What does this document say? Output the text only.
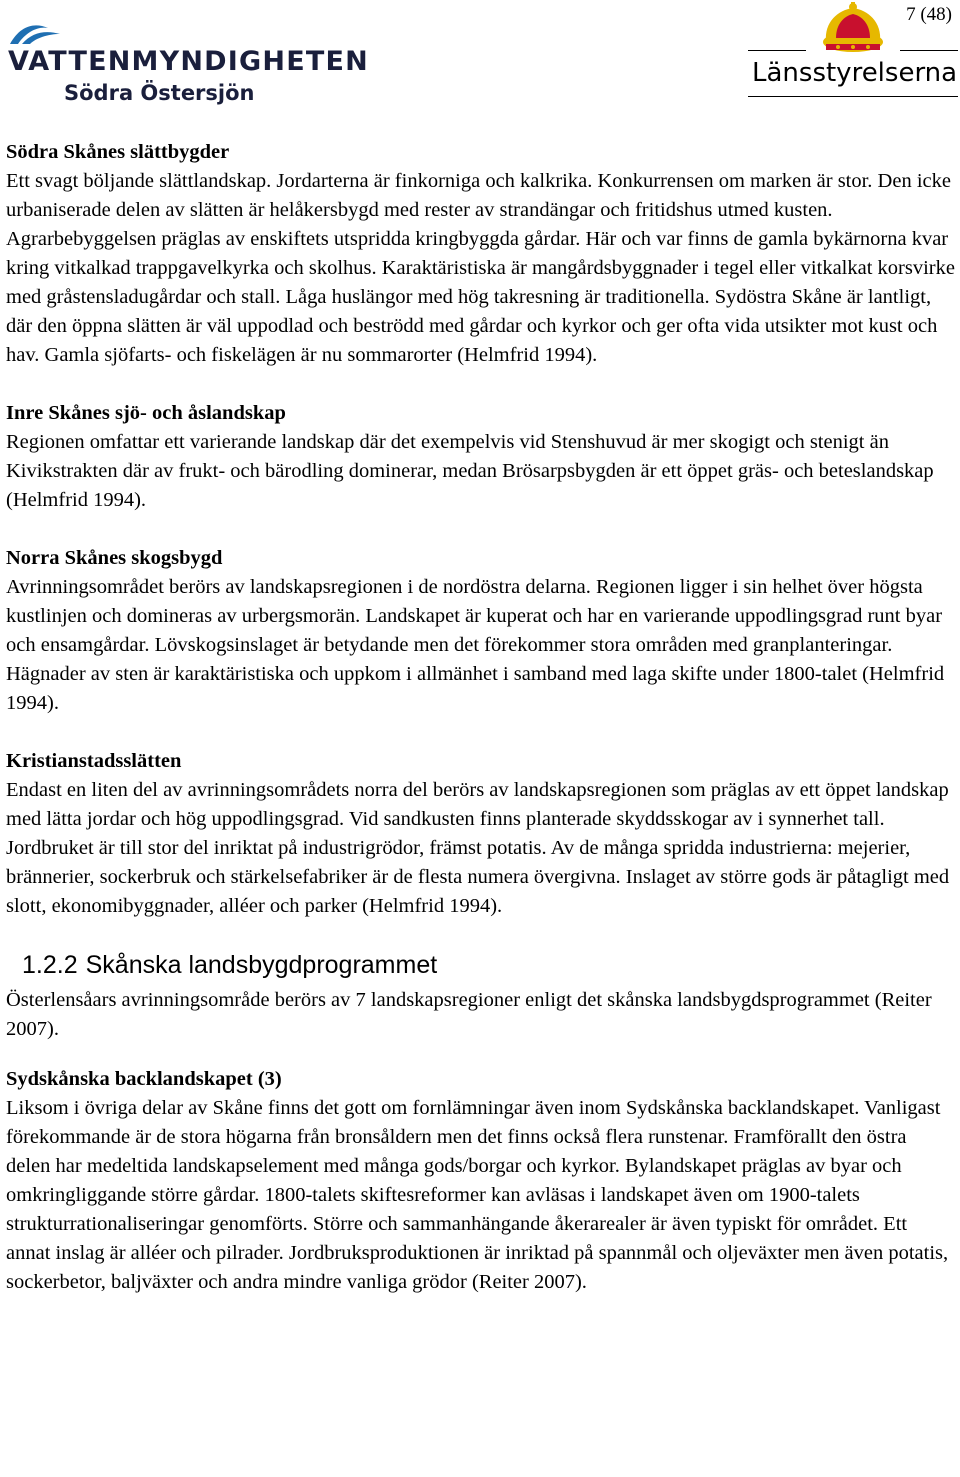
VATTENMYNDIGHETEN
Södra Östersjön
7 (48)
Länsstyrelserna
Södra Skånes slättbygder
Ett svagt böljande slättlandskap. Jordarterna är finkorniga och kalkrika. Konkurrensen om marken är stor. Den icke urbaniserade delen av slätten är helåkersbygd med rester av strandängar och fritidshus utmed kusten. Agrarbebyggelsen präglas av enskiftets utspridda kringbyggda gårdar. Här och var finns de gamla bykärnorna kvar kring vitkalkad trappgavelkyrka och skolhus. Karaktäristiska är mangårdsbyggnader i tegel eller vitkalkat korsvirke med gråstensladugårdar och stall. Låga huslängor med hög takresning är traditionella. Sydöstra Skåne är lantligt, där den öppna slätten är väl uppodlad och beströdd med gårdar och kyrkor och ger ofta vida utsikter mot kust och hav. Gamla sjöfarts- och fiskelägen är nu sommarorter (Helmfrid 1994).
Inre Skånes sjö- och åslandskap
Regionen omfattar ett varierande landskap där det exempelvis vid Stenshuvud är mer skogigt och stenigt än Kivikstrakten där av frukt- och bärodling dominerar, medan Brösarpsbygden är ett öppet gräs- och beteslandskap (Helmfrid 1994).
Norra Skånes skogsbygd
Avrinningsområdet berörs av landskapsregionen i de nordöstra delarna. Regionen ligger i sin helhet över högsta kustlinjen och domineras av urbergsmorän. Landskapet är kuperat och har en varierande uppodlingsgrad runt byar och ensamgårdar. Lövskogsinslaget är betydande men det förekommer stora områden med granplanteringar. Hägnader av sten är karaktäristiska och uppkom i allmänhet i samband med laga skifte under 1800-talet (Helmfrid 1994).
Kristianstadsslätten
Endast en liten del av avrinningsområdets norra del berörs av landskapsregionen som präglas av ett öppet landskap med lätta jordar och hög uppodlingsgrad. Vid sandkusten finns planterade skyddsskogar av i synnerhet tall. Jordbruket är till stor del inriktat på industrigrödor, främst potatis. Av de många spridda industrierna: mejerier, brännerier, sockerbruk och stärkelsefabriker är de flesta numera övergivna. Inslaget av större gods är påtagligt med slott, ekonomibyggnader, alléer och parker (Helmfrid 1994).
1.2.2 Skånska landsbygdprogrammet
Österlensåars avrinningsområde berörs av 7 landskapsregioner enligt det skånska landsbygdsprogrammet (Reiter 2007).
Sydskånska backlandskapet (3)
Liksom i övriga delar av Skåne finns det gott om fornlämningar även inom Sydskånska backlandskapet. Vanligast förekommande är de stora högarna från bronsåldern men det finns också flera runstenar. Framförallt den östra delen har medeltida landskapselement med många gods/borgar och kyrkor. Bylandskapet präglas av byar och omkringliggande större gårdar. 1800-talets skiftesreformer kan avläsas i landskapet även om 1900-talets strukturrationaliseringar genomförts. Större och sammanhängande åkerarealer är även typiskt för området. Ett annat inslag är alléer och pilrader. Jordbruksproduktionen är inriktad på spannmål och oljeväxter men även potatis, sockerbetor, baljväxter och andra mindre vanliga grödor (Reiter 2007).
